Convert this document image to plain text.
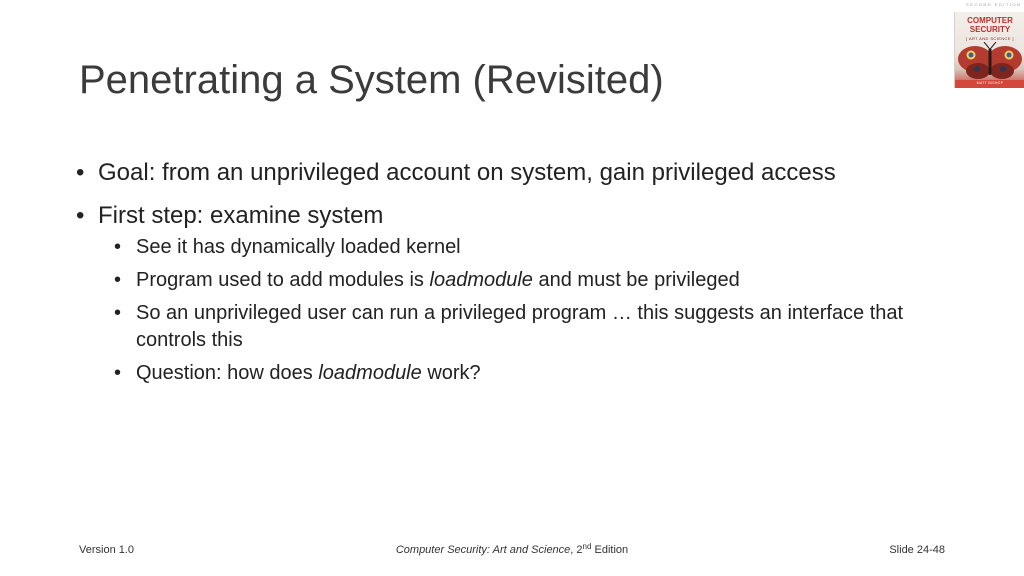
Penetrating a System (Revisited)
SECOND EDITION
COMPUTER
SECURITY
[ ART AND SCIENCE ]
MATT BISHOP
• Goal: from an unprivileged account on system, gain privileged access
• First step: examine system
• See it has dynamically loaded kernel
• Program used to add modules is loadmodule and must be privileged
• So an unprivileged user can run a privileged program … this suggests an interface that controls this
• Question: how does loadmodule work?
Version 1.0	Computer Security: Art and Science, 2nd Edition	Slide 24-48
